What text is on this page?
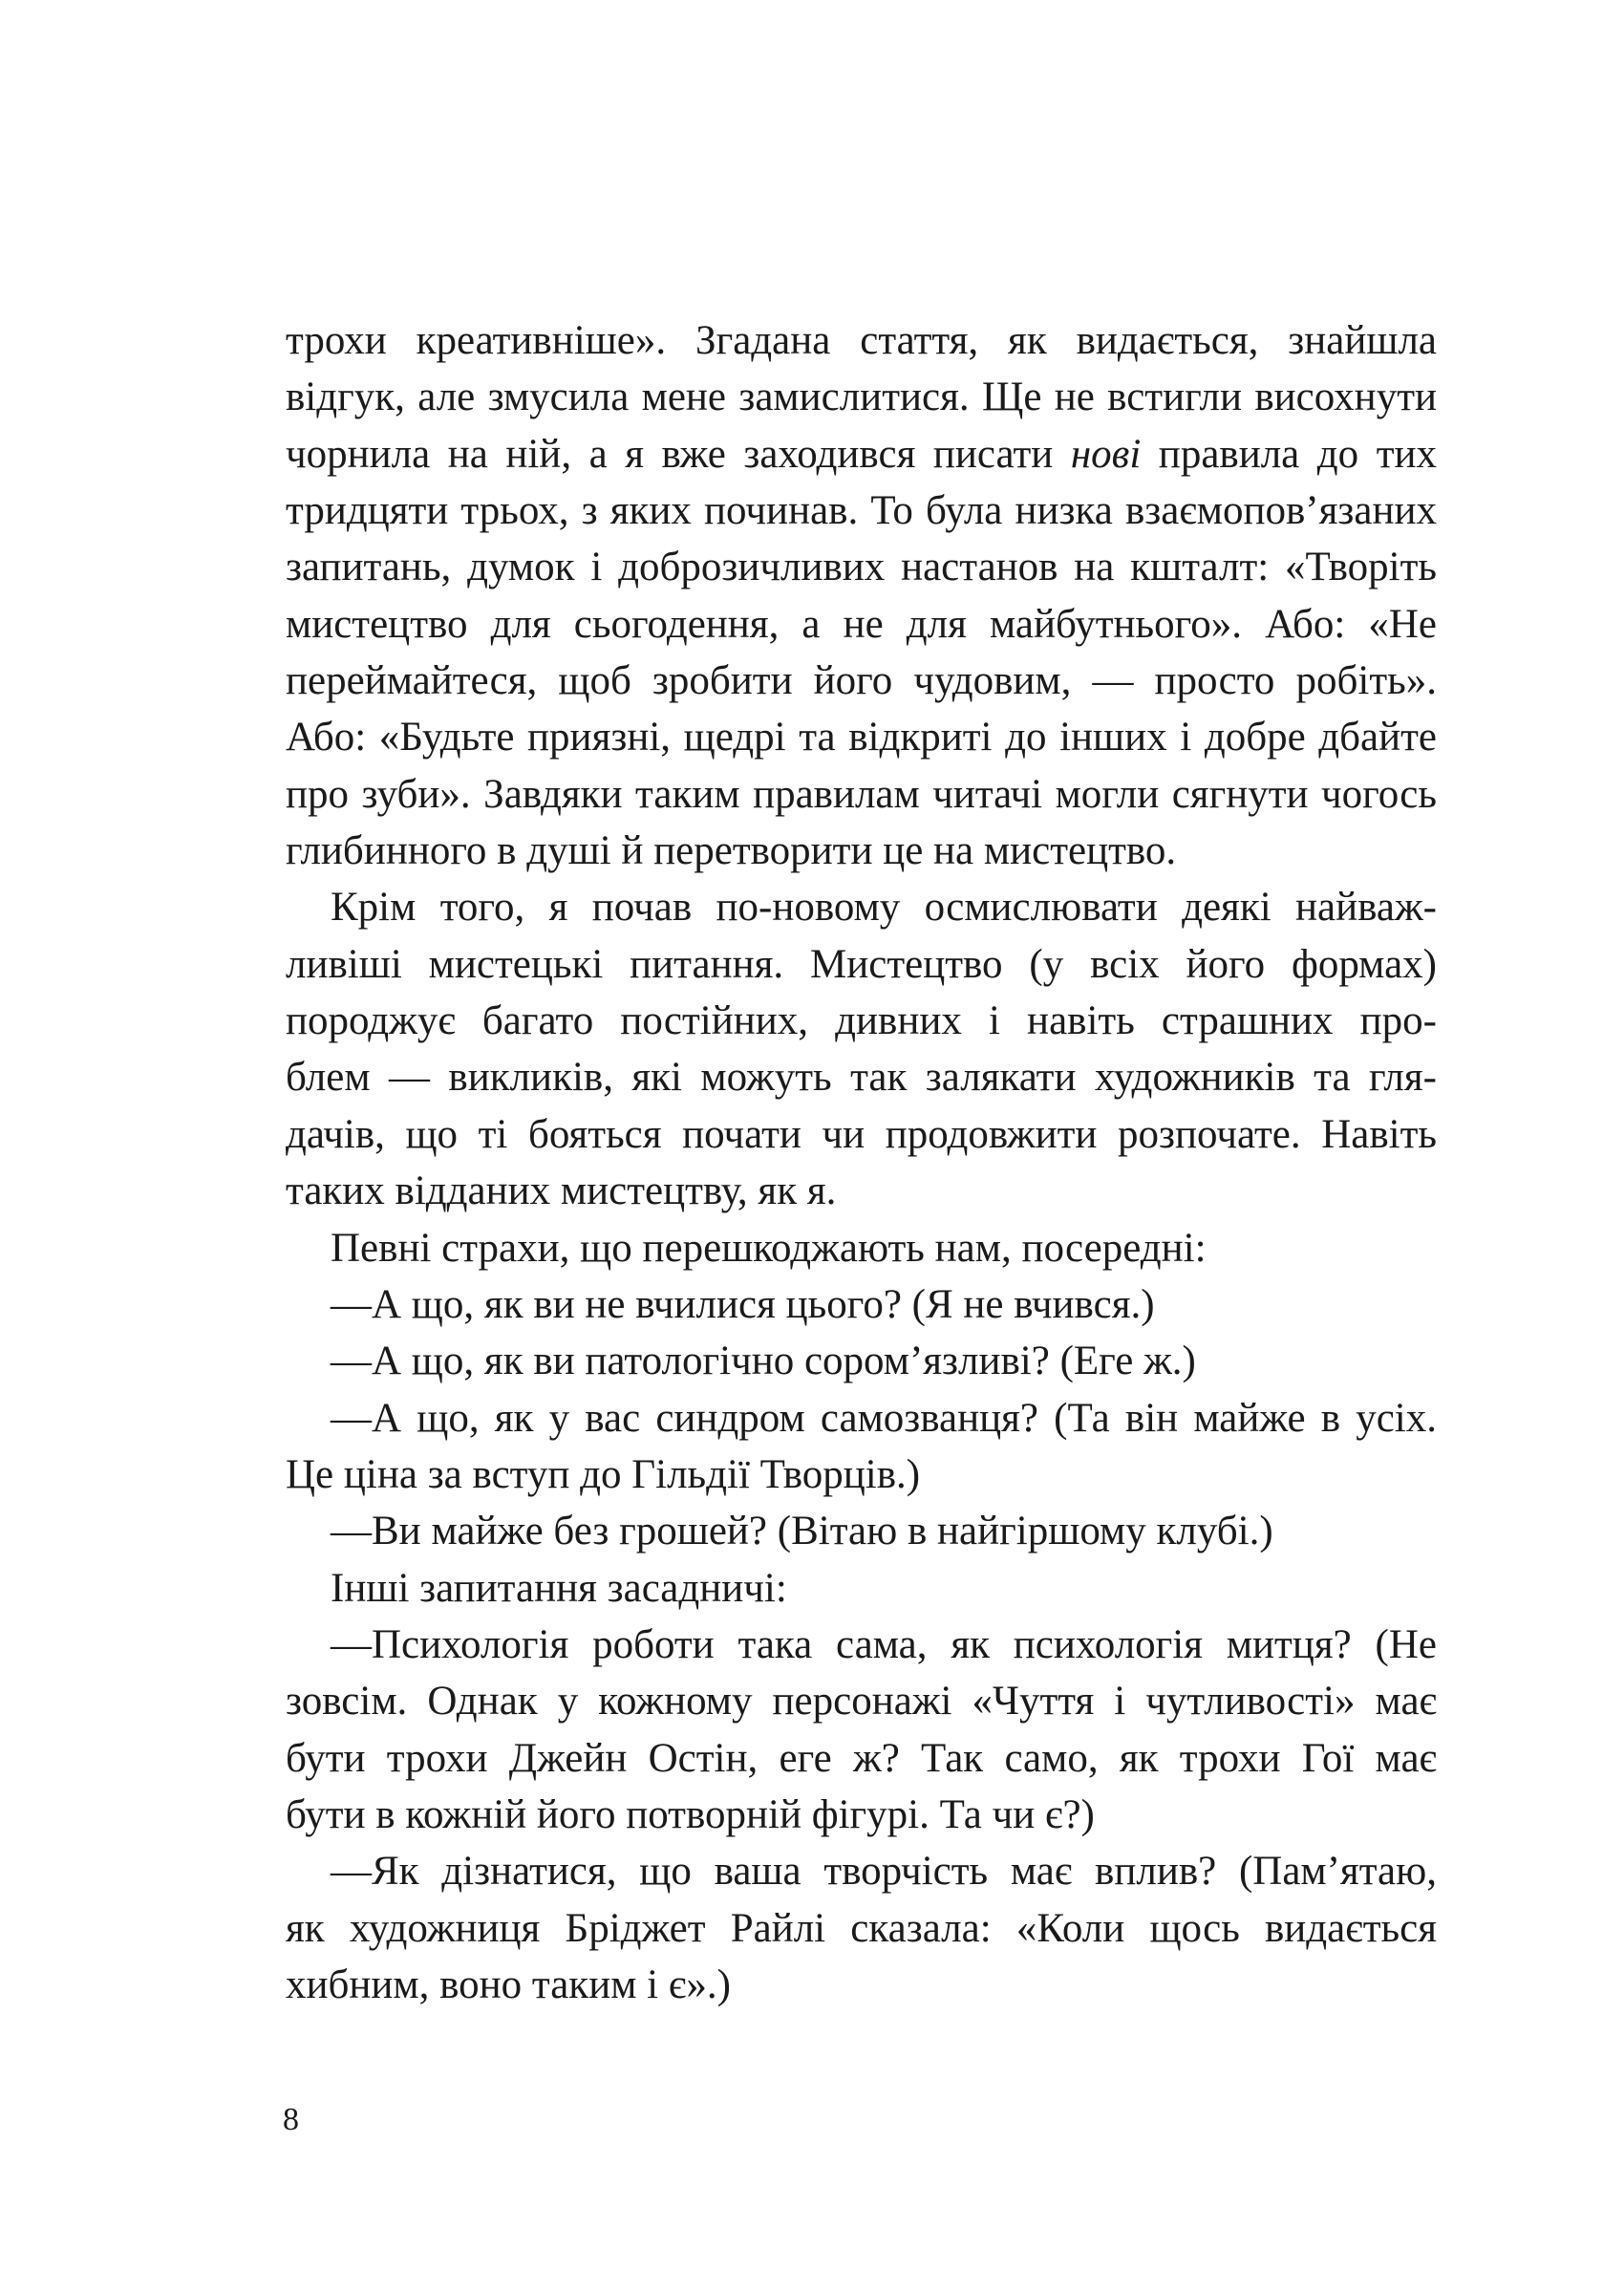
трохи креативніше». Згадана стаття, як видається, знайшла
відгук, але змусила мене замислитися. Ще не встигли висохнути
чорнила на ній, а я вже заходився писати нові правила до тих
тридцяти трьох, з яких починав. То була низка взаємопов’язаних
запитань, думок і доброзичливих настанов на кшталт: «Творіть
мистецтво для сьогодення, а не для майбутнього». Або: «Не
переймайтеся, щоб зробити його чудовим, — просто робіть».
Або: «Будьте приязні, щедрі та відкриті до інших і добре дбайте
про зуби». Завдяки таким правилам читачі могли сягнути чогось
глибинного в душі й перетворити це на мистецтво.

Крім того, я почав по-новому осмислювати деякі найваж-
ливіші мистецькі питання. Мистецтво (у всіх його формах)
породжує багато постійних, дивних і навіть страшних про-
блем — викликів, які можуть так залякати художників та гля-
дачів, що ті бояться почати чи продовжити розпочате. Навіть
таких відданих мистецтву, як я.

Певні страхи, що перешкоджають нам, посередні:

—А що, як ви не вчилися цього? (Я не вчився.)

—А що, як ви патологічно сором’язливі? (Еге ж.)

—А що, як у вас синдром самозванця? (Та він майже в усіх.
Це ціна за вступ до Гільдії Творців.)

—Ви майже без грошей? (Вітаю в найгіршому клубі.)

Інші запитання засадничі:

—Психологія роботи така сама, як психологія митця? (Не
зовсім. Однак у кожному персонажі «Чуття і чутливості» має
бути трохи Джейн Остін, еге ж? Так само, як трохи Гої має
бути в кожній його потворній фігурі. Та чи є?)

—Як дізнатися, що ваша творчість має вплив? (Пам’ятаю,
як художниця Бріджет Райлі сказала: «Коли щось видається
хибним, воно таким і є».)

8
